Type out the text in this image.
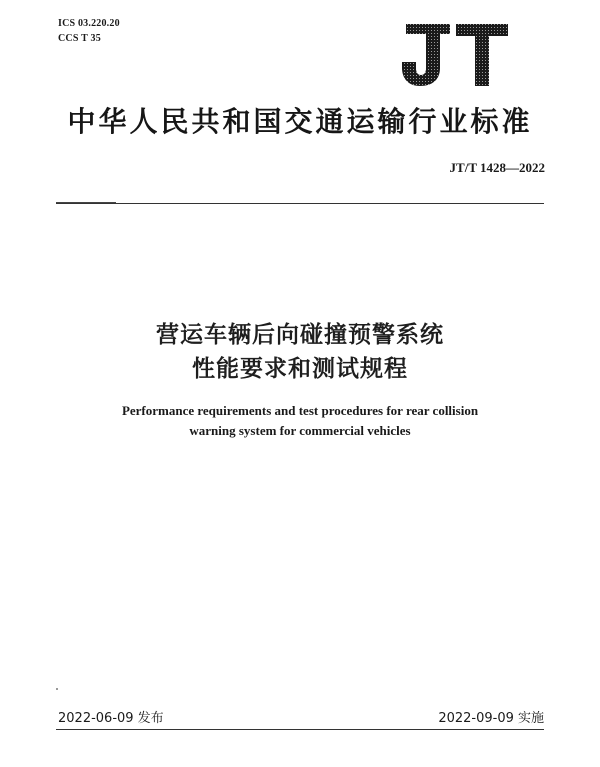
ICS 03.220.20
CCS T 35
中华人民共和国交通运输行业标准
JT/T 1428—2022
营运车辆后向碰撞预警系统
性能要求和测试规程
Performance requirements and test procedures for rear collision
warning system for commercial vehicles
2022-06-09 发布	2022-09-09 实施
